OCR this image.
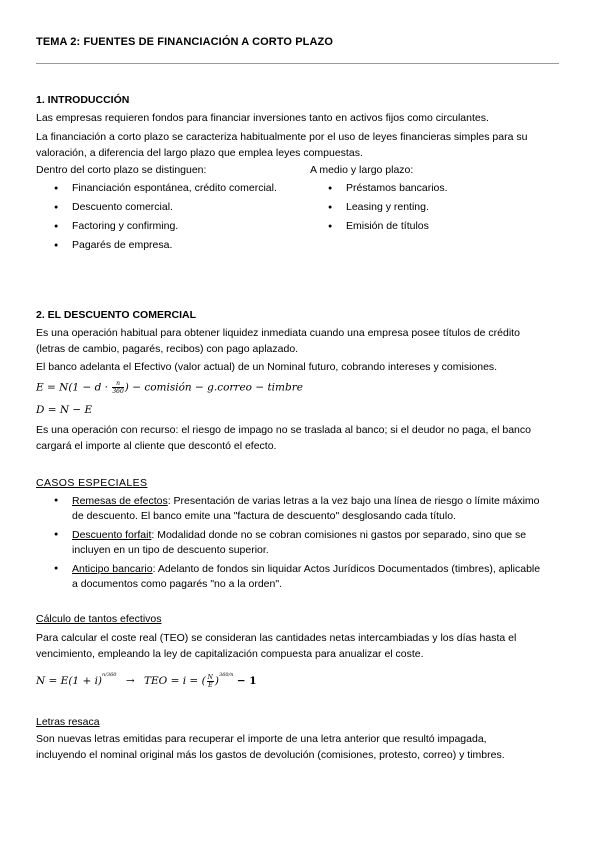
TEMA 2: FUENTES DE FINANCIACIÓN A CORTO PLAZO
1. INTRODUCCIÓN
Las empresas requieren fondos para financiar inversiones tanto en activos fijos como circulantes.
La financiación a corto plazo se caracteriza habitualmente por el uso de leyes financieras simples para su
valoración, a diferencia del largo plazo que emplea leyes compuestas.
Dentro del corto plazo se distinguen:	A medio y largo plazo:
● Financiación espontánea, crédito comercial.
● Descuento comercial.
● Factoring y confirming.
● Pagarés de empresa.
● Préstamos bancarios.
● Leasing y renting.
● Emisión de títulos
2. EL DESCUENTO COMERCIAL
Es una operación habitual para obtener liquidez inmediata cuando una empresa posee títulos de crédito
(letras de cambio, pagarés, recibos) con pago aplazado.
El banco adelanta el Efectivo (valor actual) de un Nominal futuro, cobrando intereses y comisiones.
$E = N(1 - d \cdot \frac{n}{360}$ ) − comisión − g.correo − timbre
D = N − E
Es una operación con recurso: el riesgo de impago no se traslada al banco; si el deudor no paga, el banco
cargará el importe al cliente que descontó el efecto.
CASOS ESPECIALES
● Remesas de efectos: Presentación de varias letras a la vez bajo una línea de riesgo o límite máximo de descuento. El banco emite una "factura de descuento" desglosando cada título.
● Descuento forfait: Modalidad donde no se cobran comisiones ni gastos por separado, sino que se incluyen en un tipo de descuento superior.
● Anticipo bancario: Adelanto de fondos sin liquidar Actos Jurídicos Documentados (timbres), aplicable a documentos como pagarés "no a la orden".
Cálculo de tantos efectivos
Para calcular el coste real (TEO) se consideran las cantidades netas intercambiadas y los días hasta el
vencimiento, empleando la ley de capitalización compuesta para anualizar el coste.
$N = E(1 + i)^{n/360}$ → TEO = i = ( $\frac{N}{E} )^{360/n} - 1$
Letras resaca
Son nuevas letras emitidas para recuperar el importe de una letra anterior que resultó impagada,
incluyendo el nominal original más los gastos de devolución (comisiones, protesto, correo) y timbres.
